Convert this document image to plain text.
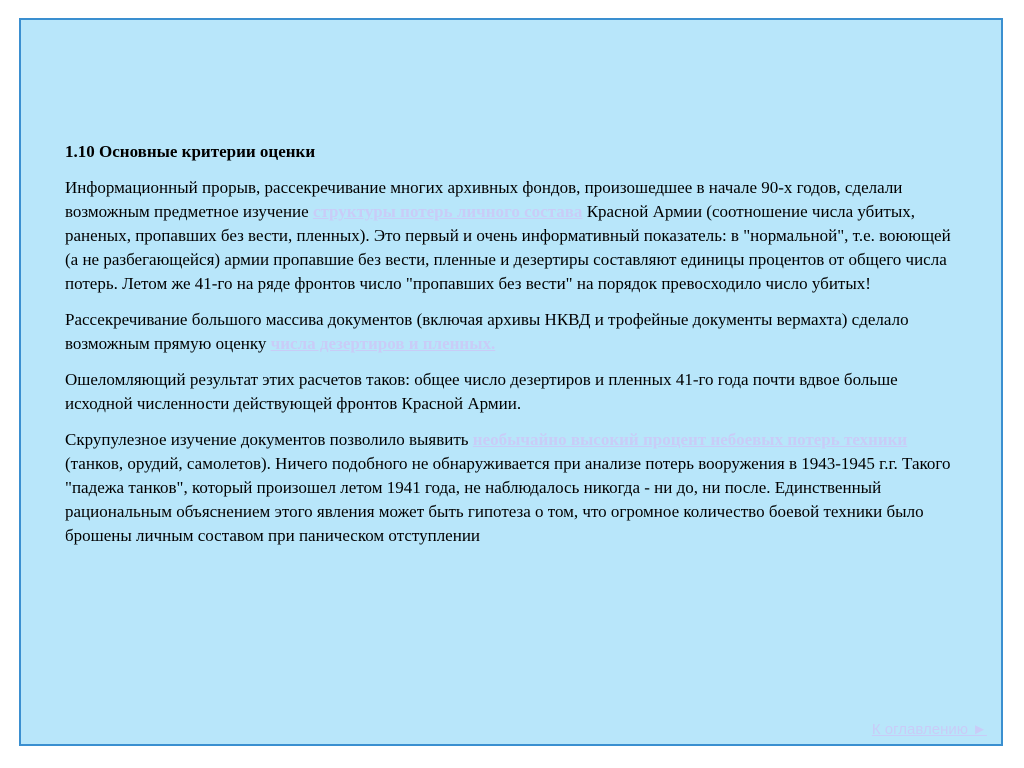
1.10 Основные критерии оценки

Информационный прорыв, рассекречивание многих архивных фондов, произошедшее в начале 90-х годов, сделали возможным предметное изучение структуры потерь личного состава Красной Армии (соотношение числа убитых, раненых, пропавших без вести, пленных). Это первый и очень информативный показатель: в "нормальной", т.е. воюющей (а не разбегающейся) армии пропавшие без вести, пленные и дезертиры составляют единицы процентов от общего числа потерь. Летом же 41-го на ряде фронтов число "пропавших без вести" на порядок превосходило число убитых!

Рассекречивание большого массива документов (включая архивы НКВД и трофейные документы вермахта) сделало возможным прямую оценку числа дезертиров и пленных.

Ошеломляющий результат этих расчетов таков: общее число дезертиров и пленных 41-го года почти вдвое больше исходной численности действующей фронтов Красной Армии.

Скрупулезное изучение документов позволило выявить необычайно высокий процент небоевых потерь техники (танков, орудий, самолетов). Ничего подобного не обнаруживается при анализе потерь вооружения в 1943-1945 г.г. Такого "падежа танков", который произошел летом 1941 года, не наблюдалось никогда - ни до, ни после. Единственный рациональным объяснением этого явления может быть гипотеза о том, что огромное количество боевой техники было брошены личным составом при паническом отступлении

К оглавлению ►
